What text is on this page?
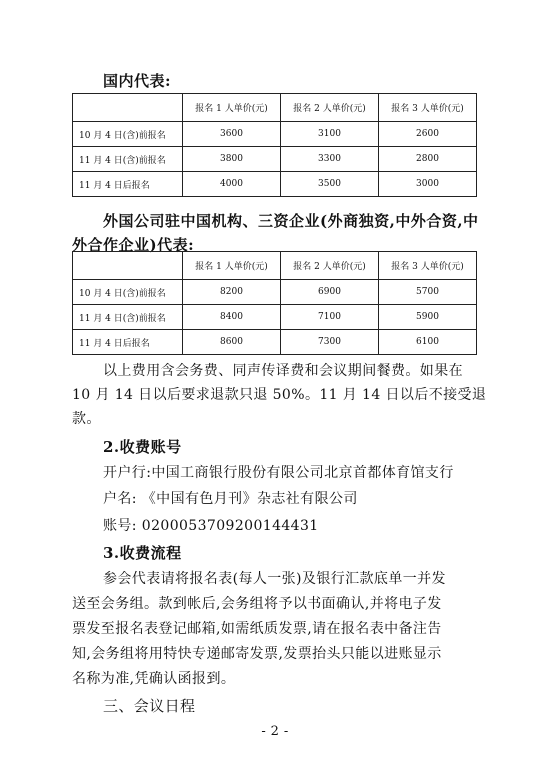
国内代表:
	报名 1 人单价(元)	报名 2 人单价(元)	报名 3 人单价(元)
10 月 4 日(含)前报名	3600	3100	2600
11 月 4 日(含)前报名	3800	3300	2800
11 月 4 日后报名	4000	3500	3000
外国公司驻中国机构、三资企业(外商独资,中外合资,中
外合作企业)代表:
	报名 1 人单价(元)	报名 2 人单价(元)	报名 3 人单价(元)
10 月 4 日(含)前报名	8200	6900	5700
11 月 4 日(含)前报名	8400	7100	5900
11 月 4 日后报名	8600	7300	6100
以上费用含会务费、同声传译费和会议期间餐费。如果在
10 月 14 日以后要求退款只退 50%。11 月 14 日以后不接受退
款。
2.收费账号
开户行:中国工商银行股份有限公司北京首都体育馆支行
户名: 《中国有色月刊》杂志社有限公司
账号: 0200053709200144431
3.收费流程
参会代表请将报名表(每人一张)及银行汇款底单一并发
送至会务组。款到帐后,会务组将予以书面确认,并将电子发
票发至报名表登记邮箱,如需纸质发票,请在报名表中备注告
知,会务组将用特快专递邮寄发票,发票抬头只能以进账显示
名称为准,凭确认函报到。
三、会议日程
- 2 -
